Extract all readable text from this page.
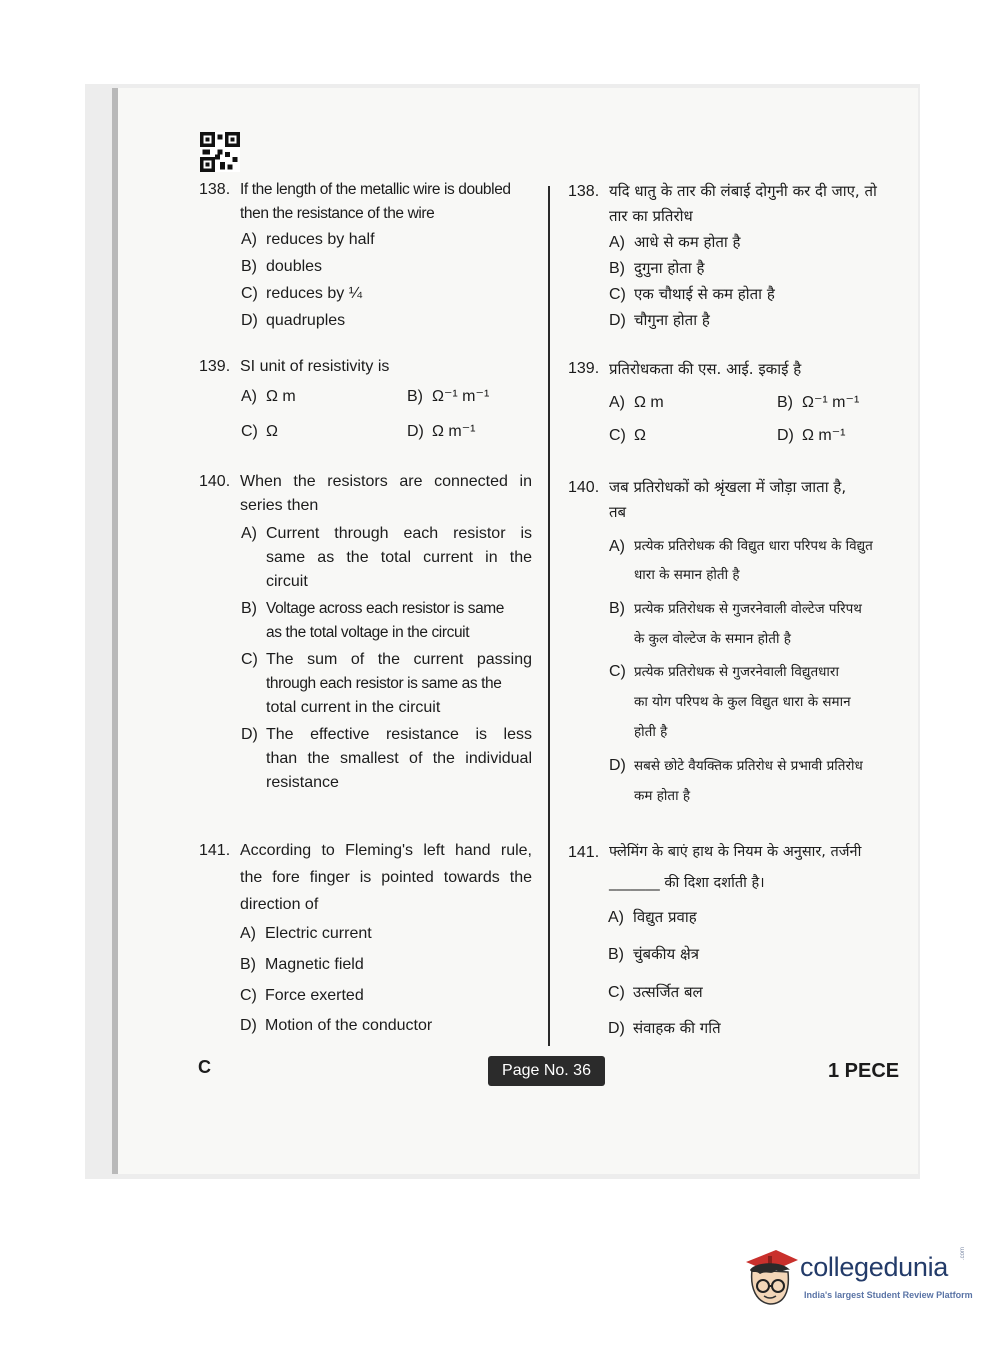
138. If the length of the metallic wire is doubled
then the resistance of the wire
A) reduces by half
B) doubles
C) reduces by ¼
D) quadruples
139. SI unit of resistivity is
A) Ω m	B) Ω⁻¹ m⁻¹
C) Ω	D) Ω m⁻¹
140. When the resistors are connected in
series then
A) Current through each resistor is
same as the total current in the
circuit
B) Voltage across each resistor is same
as the total voltage in the circuit
C) The sum of the current passing
through each resistor is same as the
total current in the circuit
D) The effective resistance is less
than the smallest of the individual
resistance
141. According to Fleming's left hand rule,
the fore finger is pointed towards the
direction of
A) Electric current
B) Magnetic field
C) Force exerted
D) Motion of the conductor
138. यदि धातु के तार की लंबाई दोगुनी कर दी जाए, तो
तार का प्रतिरोध
A) आधे से कम होता है
B) दुगुना होता है
C) एक चौथाई से कम होता है
D) चौगुना होता है
139. प्रतिरोधकता की एस. आई. इकाई है
A) Ω m	B) Ω⁻¹ m⁻¹
C) Ω	D) Ω m⁻¹
140. जब प्रतिरोधकों को श्रृंखला में जोड़ा जाता है,
तब
A) प्रत्येक प्रतिरोधक की विद्युत धारा परिपथ के विद्युत
धारा के समान होती है
B) प्रत्येक प्रतिरोधक से गुजरनेवाली वोल्टेज परिपथ
के कुल वोल्टेज के समान होती है
C) प्रत्येक प्रतिरोधक से गुजरनेवाली विद्युतधारा
का योग परिपथ के कुल विद्युत धारा के समान
होती है
D) सबसे छोटे वैयक्तिक प्रतिरोध से प्रभावी प्रतिरोध
कम होता है
141. फ्लेमिंग के बाएं हाथ के नियम के अनुसार, तर्जनी
_______ की दिशा दर्शाती है।
A) विद्युत प्रवाह
B) चुंबकीय क्षेत्र
C) उत्सर्जित बल
D) संवाहक की गति
C	Page No. 36	1 PECE
collegedunia .com
India's largest Student Review Platform
